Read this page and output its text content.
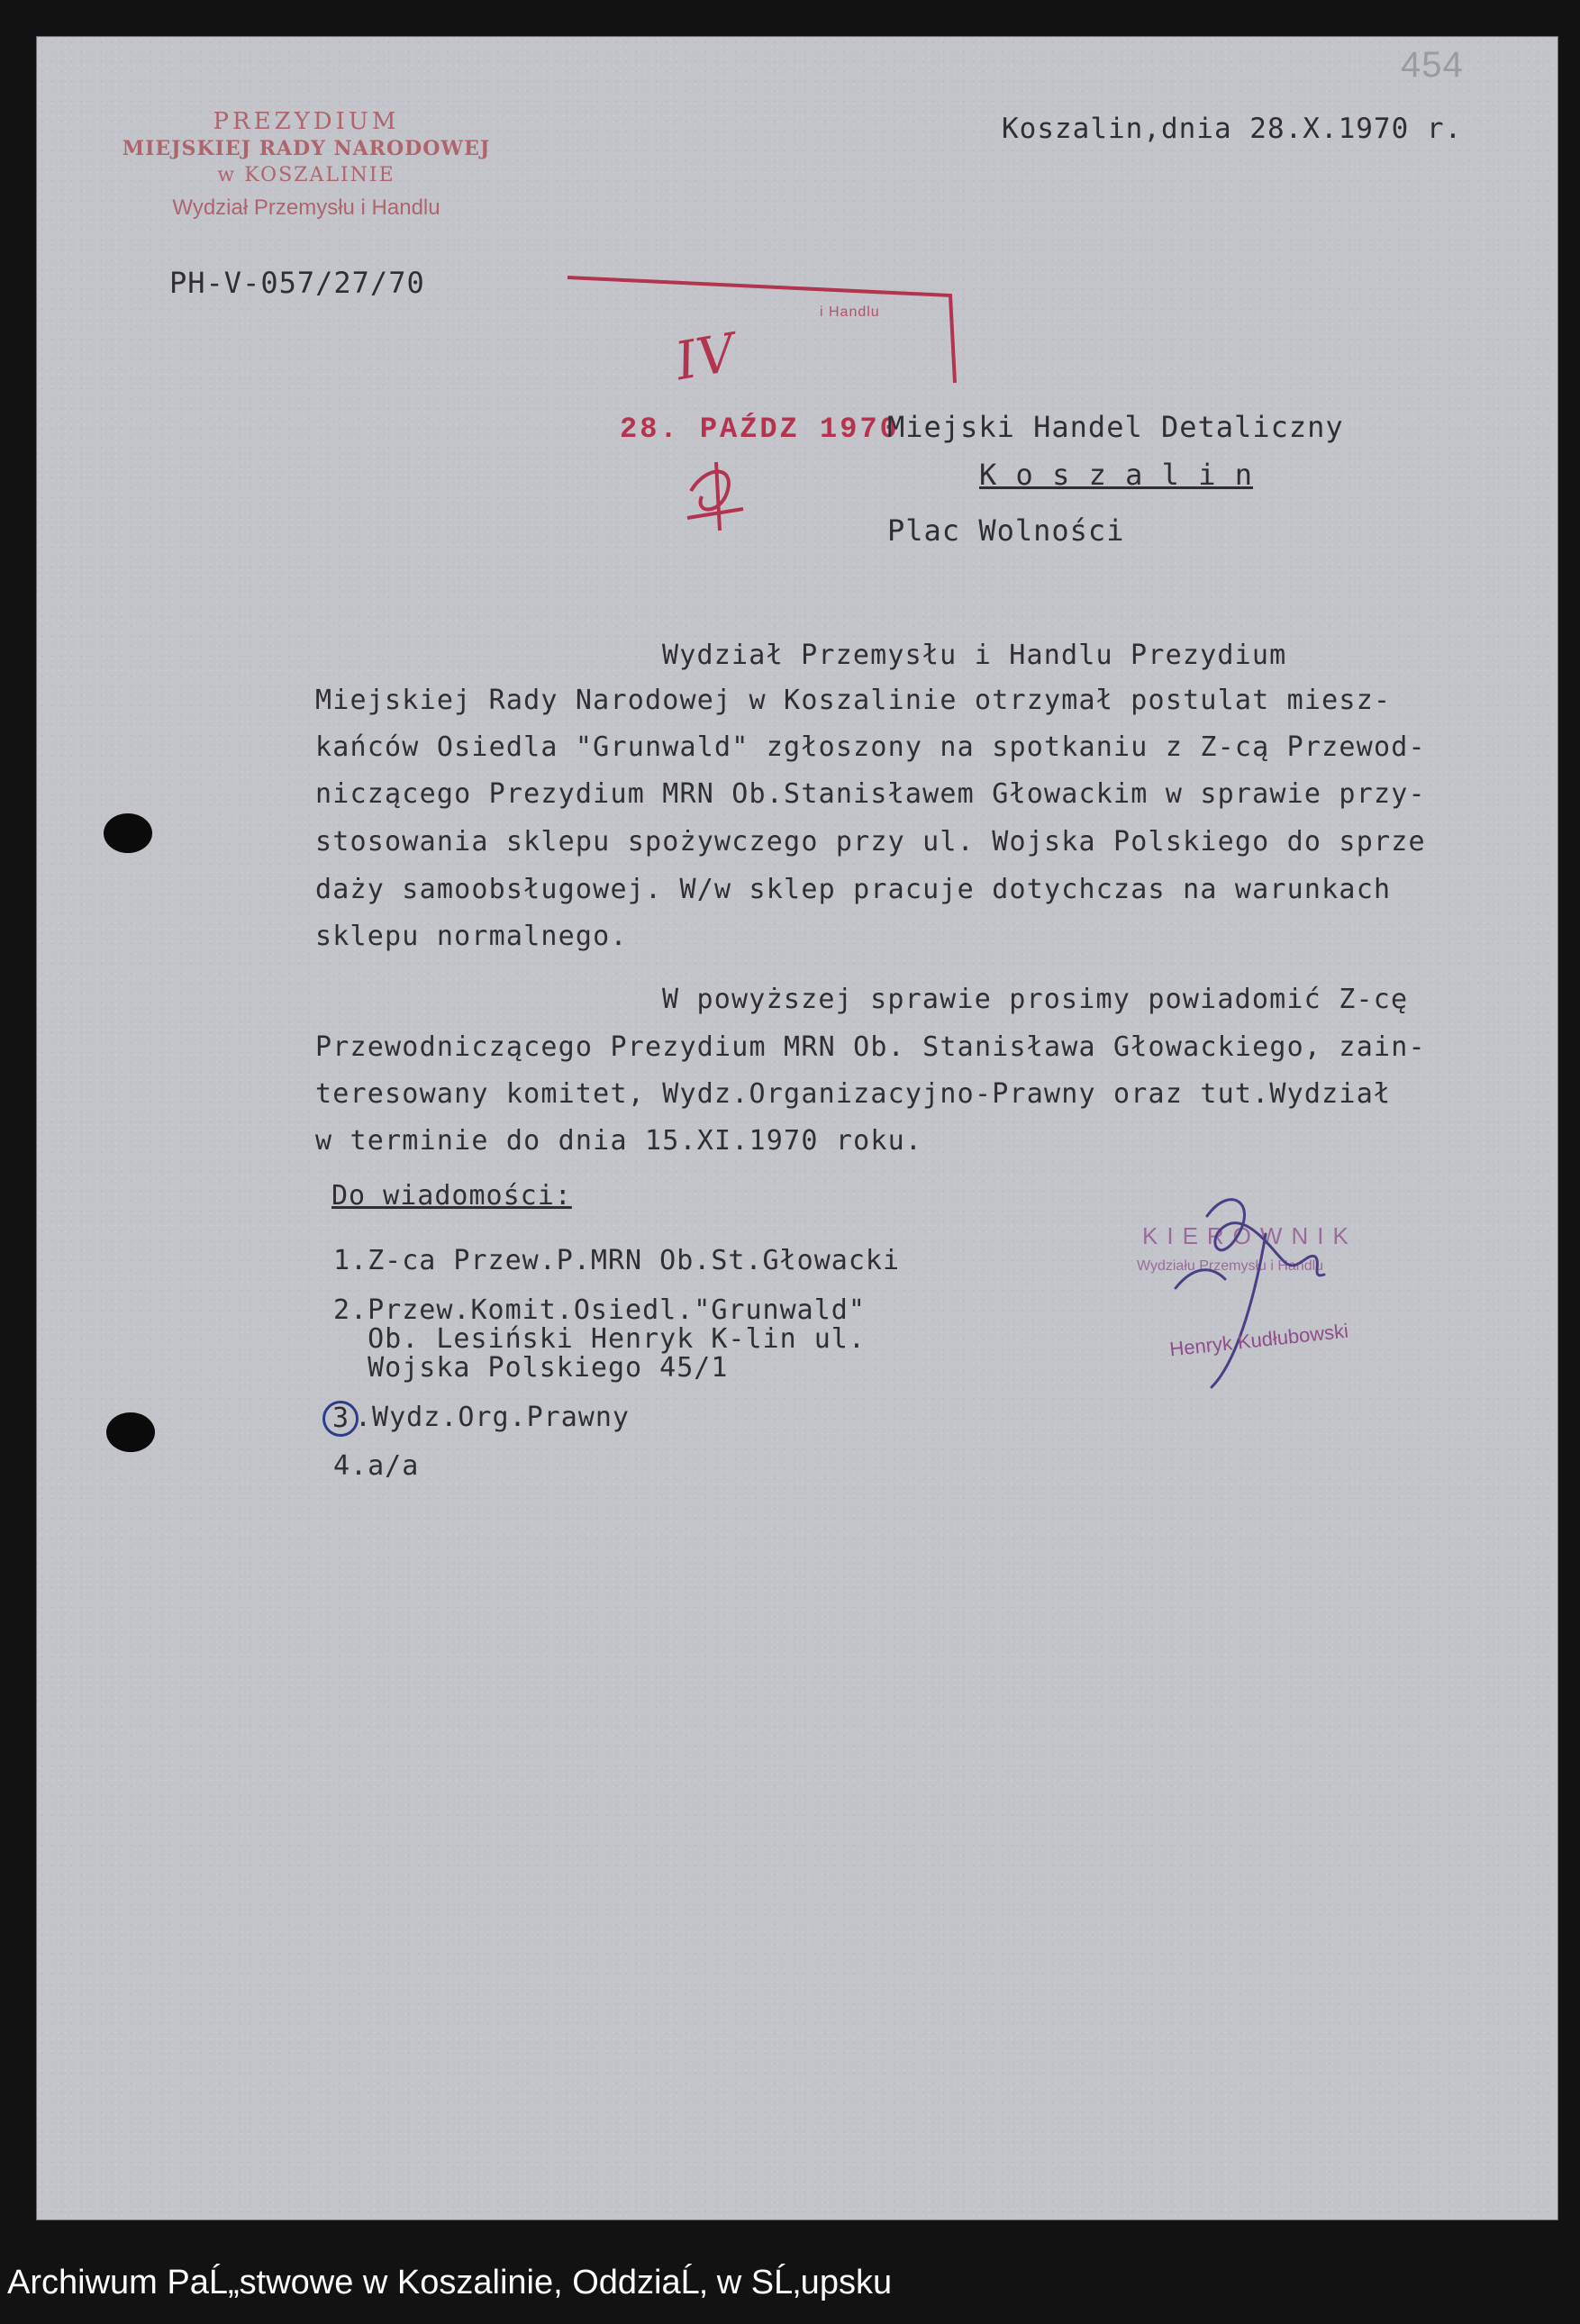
454
PREZYDIUM
MIEJSKIEJ RADY NARODOWEJ
w KOSZALINIE
Wydział Przemysłu i Handlu
PH-V-057/27/70
Koszalin,dnia 28.X.1970 r.
i Handlu
IV
28. PAŹDZ 1970
Miejski Handel Detaliczny
K o s z a l i n
Plac Wolności
Wydział Przemysłu i Handlu Prezydium
Miejskiej Rady Narodowej w Koszalinie otrzymał postulat miesz-
kańców Osiedla "Grunwald" zgłoszony na spotkaniu z Z-cą Przewod-
niczącego Prezydium MRN Ob.Stanisławem Głowackim w sprawie przy-
stosowania sklepu spożywczego przy ul. Wojska Polskiego do sprze
daży samoobsługowej. W/w sklep pracuje dotychczas na warunkach
sklepu normalnego.
W powyższej sprawie prosimy powiadomić Z-cę
Przewodniczącego Prezydium MRN Ob. Stanisława Głowackiego, zain-
teresowany komitet, Wydz.Organizacyjno-Prawny oraz tut.Wydział
w terminie do dnia 15.XI.1970 roku.
Do wiadomości:
1.Z-ca Przew.P.MRN Ob.St.Głowacki
2.Przew.Komit.Osiedl."Grunwald"
Ob. Lesiński Henryk K-lin ul.
Wojska Polskiego 45/1
3 .Wydz.Org.Prawny
4.a/a
KIEROWNIK
Wydziału Przemysłu i Handlu
Henryk Kudłubowski
Archiwum PaĹ„stwowe w Koszalinie, OddziaĹ‚ w SĹ‚upsku
